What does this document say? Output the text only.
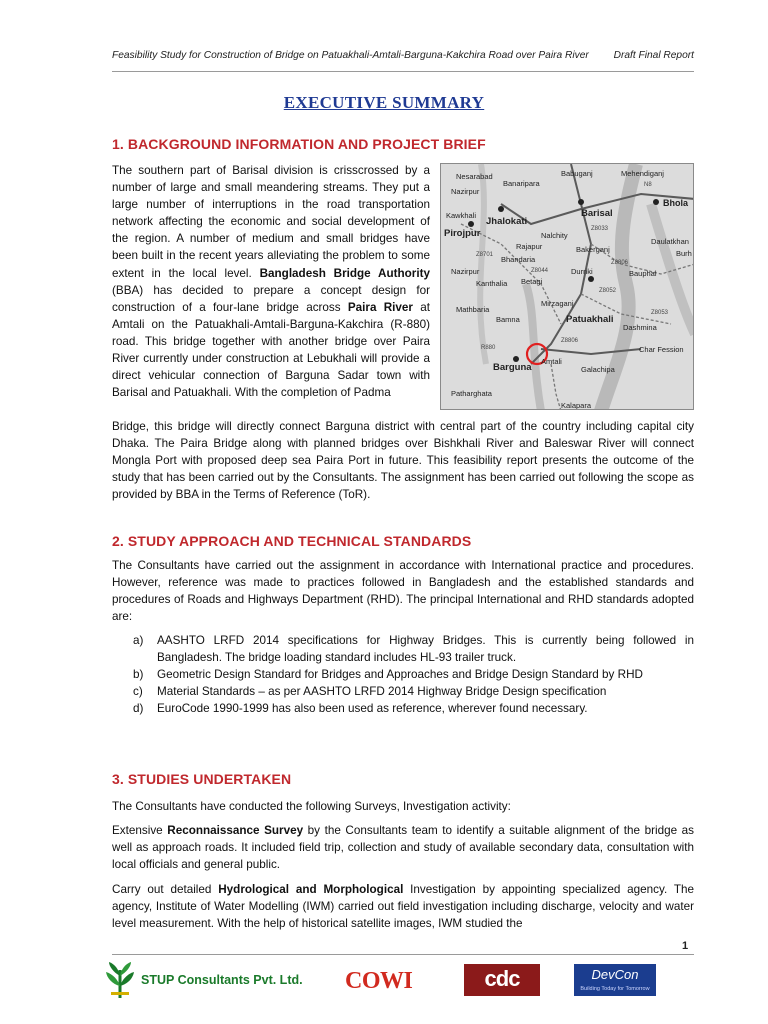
Feasibility Study for Construction of Bridge on Patuakhali-Amtali-Barguna-Kakchira Road over Paira River Draft Final Report
EXECUTIVE SUMMARY
1. BACKGROUND INFORMATION AND PROJECT BRIEF
Babuganj	Mehendiganj
Nesarabad
Banaripara
Nazirpur
Bhola
Kawkhali
Jhalokati
Barisal
Pirojpur	Nalchity
Rajapur	Bakerganj
Daulatkhan
Bhandaria
Burh
Nazirpur
Kanthalia Betagi
Durnki	Bauphal
Mathbaria
Mirzaganj
Bamna	Patuakhali
Dashmina
Char Fession
Barguna
Amtali
Galachipa
Patharghata
Kalapara
N8
Z8033
Z8701
Z8044
Z8052
Z8806
Z8053
R880
Z8806
The southern part of Barisal division is crisscrossed by a number of large and small meandering streams. They put a large number of interruptions in the road transportation network affecting the economic and social development of the region. A number of medium and small bridges have been built in the recent years alleviating the problem to some extent in the local level. Bangladesh Bridge Authority (BBA) has decided to prepare a concept design for construction of a four-lane bridge across Paira River at Amtali on the Patuakhali-Amtali-Barguna-Kakchira (R-880) road. This bridge together with another bridge over Paira River currently under construction at Lebukhali will provide a direct vehicular connection of Barguna Sadar town with Barisal and Patuakhali. With the completion of Padma
Bridge, this bridge will directly connect Barguna district with central part of the country including capital city Dhaka. The Paira Bridge along with planned bridges over Bishkhali River and Baleswar River will connect Mongla Port with proposed deep sea Paira Port in future. This feasibility report presents the outcome of the study that has been carried out by the Consultants. The assignment has been carried out following the scope as provided by BBA in the Terms of Reference (ToR).
2. STUDY APPROACH AND TECHNICAL STANDARDS
The Consultants have carried out the assignment in accordance with International practice and procedures. However, reference was made to practices followed in Bangladesh and the established standards and procedures of Roads and Highways Department (RHD). The principal International and RHD standards adopted are:
a)	AASHTO LRFD 2014 specifications for Highway Bridges. This is currently being followed in Bangladesh. The bridge loading standard includes HL-93 trailer truck.
b)	Geometric Design Standard for Bridges and Approaches and Bridge Design Standard by RHD
c)	Material Standards – as per AASHTO LRFD 2014 Highway Bridge Design specification
d)	EuroCode 1990-1999 has also been used as reference, wherever found necessary.
3. STUDIES UNDERTAKEN
The Consultants have conducted the following Surveys, Investigation activity:
Extensive Reconnaissance Survey by the Consultants team to identify a suitable alignment of the bridge as well as approach roads. It included field trip, collection and study of available secondary data, consultation with local officials and general public.
Carry out detailed Hydrological and Morphological Investigation by appointing specialized agency. The agency, Institute of Water Modelling (IWM) carried out field investigation including discharge, velocity and water level measurement. With the help of historical satellite images, IWM studied the
1
STUP Consultants Pvt. Ltd. COWI	cdc	DevCon
Building Today for Tomorrow
